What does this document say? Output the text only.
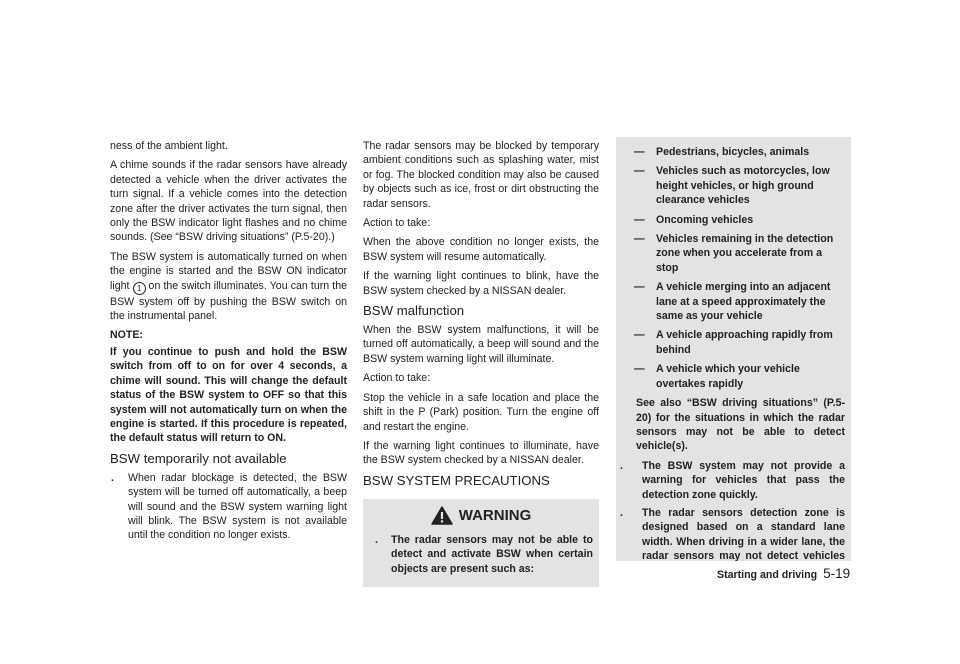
ness of the ambient light.

A chime sounds if the radar sensors have already detected a vehicle when the driver activates the turn signal. If a vehicle comes into the detection zone after the driver activates the turn signal, then only the BSW indicator light flashes and no chime sounds. (See “BSW driving situations” (P.5-20).)

The BSW system is automatically turned on when the engine is started and the BSW ON indicator light 1 on the switch illuminates. You can turn the BSW system off by pushing the BSW switch on the instrumental panel.

NOTE:

If you continue to push and hold the BSW switch from off to on for over 4 seconds, a chime will sound. This will change the default status of the BSW system to OFF so that this system will not automatically turn on when the engine is started. If this procedure is repeated, the default status will return to ON.

BSW temporarily not available
. When radar blockage is detected, the BSW system will be turned off automatically, a beep will sound and the BSW system warning light will blink. The BSW system is not available until the condition no longer exists.

The radar sensors may be blocked by temporary ambient conditions such as splashing water, mist or fog. The blocked condition may also be caused by objects such as ice, frost or dirt obstructing the radar sensors.

Action to take:

When the above condition no longer exists, the BSW system will resume automatically.

If the warning light continues to blink, have the BSW system checked by a NISSAN dealer.

BSW malfunction

When the BSW system malfunctions, it will be turned off automatically, a beep will sound and the BSW system warning light will illuminate.

Action to take:

Stop the vehicle in a safe location and place the shift in the P (Park) position. Turn the engine off and restart the engine.

If the warning light continues to illuminate, have the BSW system checked by a NISSAN dealer.

BSW SYSTEM PRECAUTIONS
WARNING
. The radar sensors may not be able to detect and activate BSW when certain objects are present such as:
—	Pedestrians, bicycles, animals
—	Vehicles such as motorcycles, low height vehicles, or high ground clearance vehicles
—	Oncoming vehicles
—	Vehicles remaining in the detection zone when you accelerate from a stop
—	A vehicle merging into an adjacent lane at a speed approximately the same as your vehicle
—	A vehicle approaching rapidly from behind
—	A vehicle which your vehicle overtakes rapidly

See also “BSW driving situations” (P.5-20) for the situations in which the radar sensors may not be able to detect vehicle(s).

. The BSW system may not provide a warning for vehicles that pass the detection zone quickly.
. The radar sensors detection zone is designed based on a standard lane width. When driving in a wider lane, the radar sensors may not detect vehicles
Starting and driving 5-19
